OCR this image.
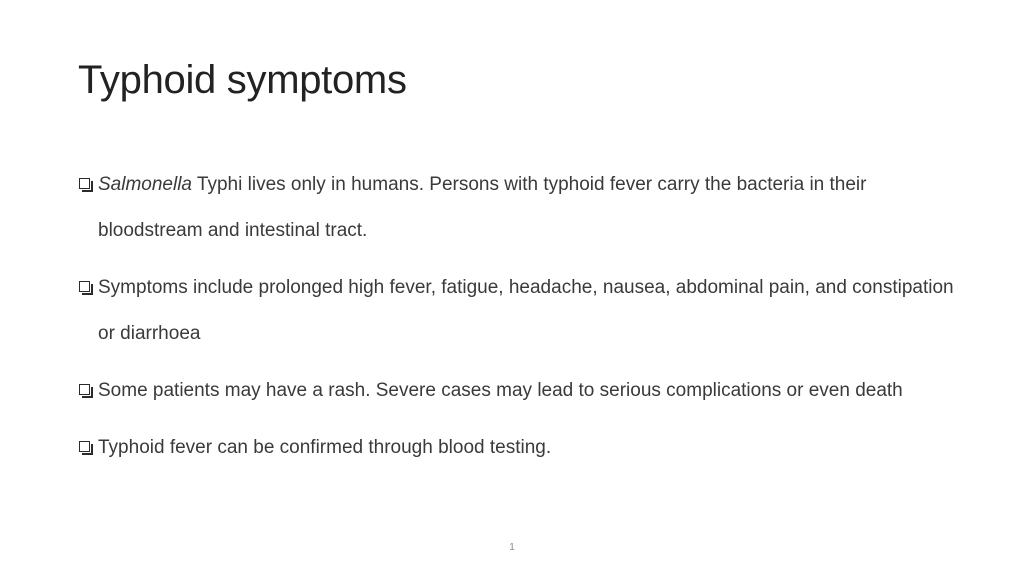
Typhoid symptoms
Salmonella Typhi lives only in humans. Persons with typhoid fever carry the bacteria in their bloodstream and intestinal tract.
Symptoms include prolonged high fever, fatigue, headache, nausea, abdominal pain, and constipation or diarrhoea
Some patients may have a rash. Severe cases may lead to serious complications or even death
Typhoid fever can be confirmed through blood testing.
1
